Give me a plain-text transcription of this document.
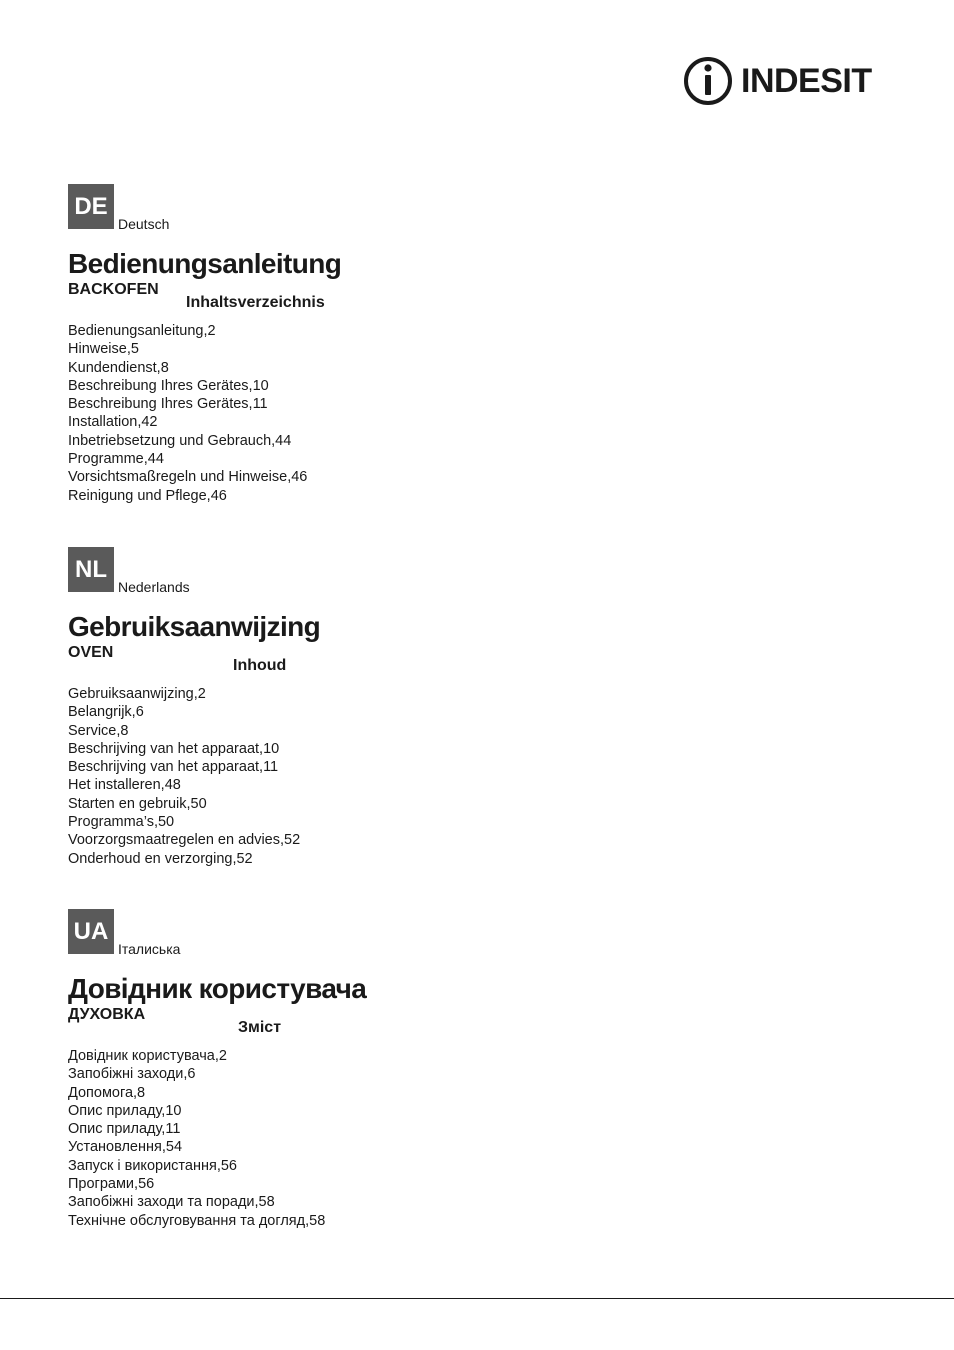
INDESIT
DE
Deutsch
Bedienungsanleitung
BACKOFEN
Inhaltsverzeichnis
Bedienungsanleitung,2
Hinweise,5
Kundendienst,8
Beschreibung Ihres Gerätes,10
Beschreibung Ihres Gerätes,11
Installation,42
Inbetriebsetzung und Gebrauch,44
Programme,44
Vorsichtsmaßregeln und Hinweise,46
Reinigung und Pflege,46
NL
Nederlands
Gebruiksaanwijzing
OVEN
Inhoud
Gebruiksaanwijzing,2
Belangrijk,6
Service,8
Beschrijving van het apparaat,10
Beschrijving van het apparaat,11
Het installeren,48
Starten en gebruik,50
Programma’s,50
Voorzorgsmaatregelen en advies,52
Onderhoud en verzorging,52
UA
Італиська
Довідник користувача
ДУХОВКА
Зміст
Довідник користувача,2
Запобіжні заходи,6
Допомога,8
Опис приладу,10
Опис приладу,11
Установлення,54
Запуск і використання,56
Програми,56
Запобіжні заходи та поради,58
Технічне обслуговування та догляд,58
